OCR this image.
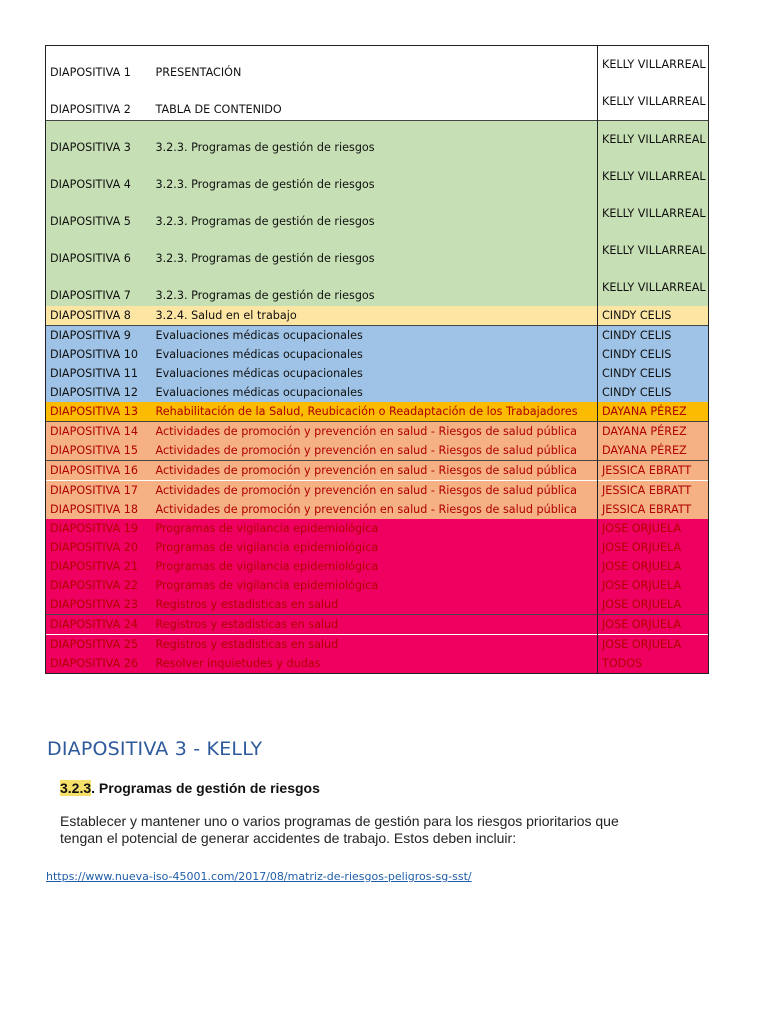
DIAPOSITIVA 1	PRESENTACIÓN	KELLY VILLARREAL
DIAPOSITIVA 2	TABLA DE CONTENIDO	KELLY VILLARREAL
DIAPOSITIVA 3	3.2.3. Programas de gestión de riesgos	KELLY VILLARREAL
DIAPOSITIVA 4	3.2.3. Programas de gestión de riesgos	KELLY VILLARREAL
DIAPOSITIVA 5	3.2.3. Programas de gestión de riesgos	KELLY VILLARREAL
DIAPOSITIVA 6	3.2.3. Programas de gestión de riesgos	KELLY VILLARREAL
DIAPOSITIVA 7	3.2.3. Programas de gestión de riesgos	KELLY VILLARREAL
DIAPOSITIVA 8	3.2.4. Salud en el trabajo	CINDY CELIS
DIAPOSITIVA 9	Evaluaciones médicas ocupacionales	CINDY CELIS
DIAPOSITIVA 10	Evaluaciones médicas ocupacionales	CINDY CELIS
DIAPOSITIVA 11	Evaluaciones médicas ocupacionales	CINDY CELIS
DIAPOSITIVA 12	Evaluaciones médicas ocupacionales	CINDY CELIS
DIAPOSITIVA 13	Rehabilitación de la Salud, Reubicación o Readaptación de los Trabajadores	DAYANA PÉREZ
DIAPOSITIVA 14	Actividades de promoción y prevención en salud - Riesgos de salud pública	DAYANA PÉREZ
DIAPOSITIVA 15	Actividades de promoción y prevención en salud - Riesgos de salud pública	DAYANA PÉREZ
DIAPOSITIVA 16	Actividades de promoción y prevención en salud - Riesgos de salud pública	JESSICA EBRATT
DIAPOSITIVA 17	Actividades de promoción y prevención en salud - Riesgos de salud pública	JESSICA EBRATT
DIAPOSITIVA 18	Actividades de promoción y prevención en salud - Riesgos de salud pública	JESSICA EBRATT
DIAPOSITIVA 19	Programas de vigilancia epidemiológica	JOSE ORJUELA
DIAPOSITIVA 20	Programas de vigilancia epidemiológica	JOSE ORJUELA
DIAPOSITIVA 21	Programas de vigilancia epidemiológica	JOSE ORJUELA
DIAPOSITIVA 22	Programas de vigilancia epidemiológica	JOSE ORJUELA
DIAPOSITIVA 23	Registros y estadisticas en salud	JOSE ORJUELA
DIAPOSITIVA 24	Registros y estadisticas en salud	JOSE ORJUELA
DIAPOSITIVA 25	Registros y estadisticas en salud	JOSE ORJUELA
DIAPOSITIVA 26	Resolver inquietudes y dudas	TODOS
DIAPOSITIVA 3 - KELLY
3.2.3. Programas de gestión de riesgos
Establecer y mantener uno o varios programas de gestión para los riesgos prioritarios que tengan el potencial de generar accidentes de trabajo. Estos deben incluir:
https://www.nueva-iso-45001.com/2017/08/matriz-de-riesgos-peligros-sg-sst/
